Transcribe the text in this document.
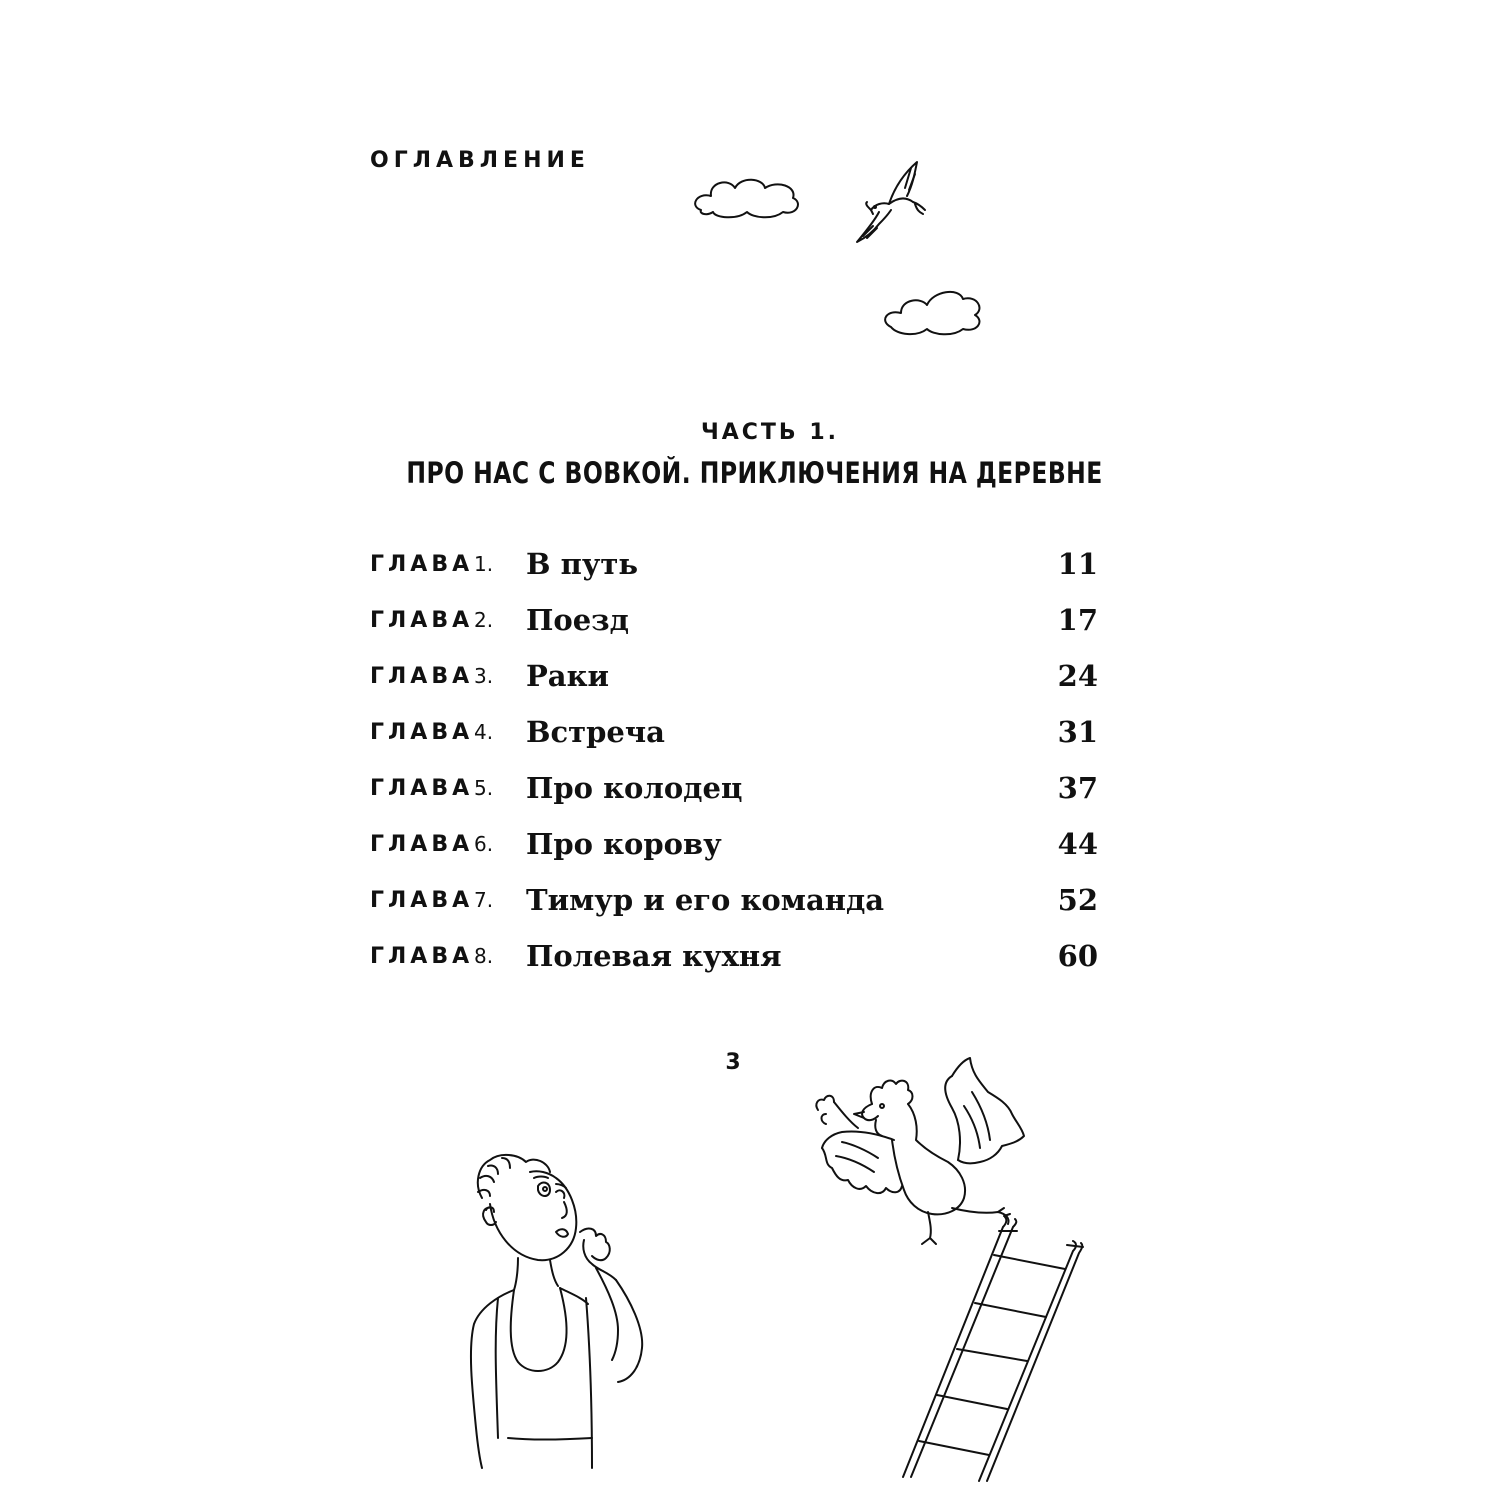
ОГЛАВЛЕНИЕ
ЧАСТЬ 1.
ПРО НАС С ВОВКОЙ. ПРИКЛЮЧЕНИЯ НА ДЕРЕВНЕ
ГЛАВА 1.	В путь	11
ГЛАВА 2.	Поезд	17
ГЛАВА 3.	Раки	24
ГЛАВА 4.	Встреча	31
ГЛАВА 5.	Про колодец	37
ГЛАВА 6.	Про корову	44
ГЛАВА 7.	Тимур и его команда	52
ГЛАВА 8.	Полевая кухня	60
3
